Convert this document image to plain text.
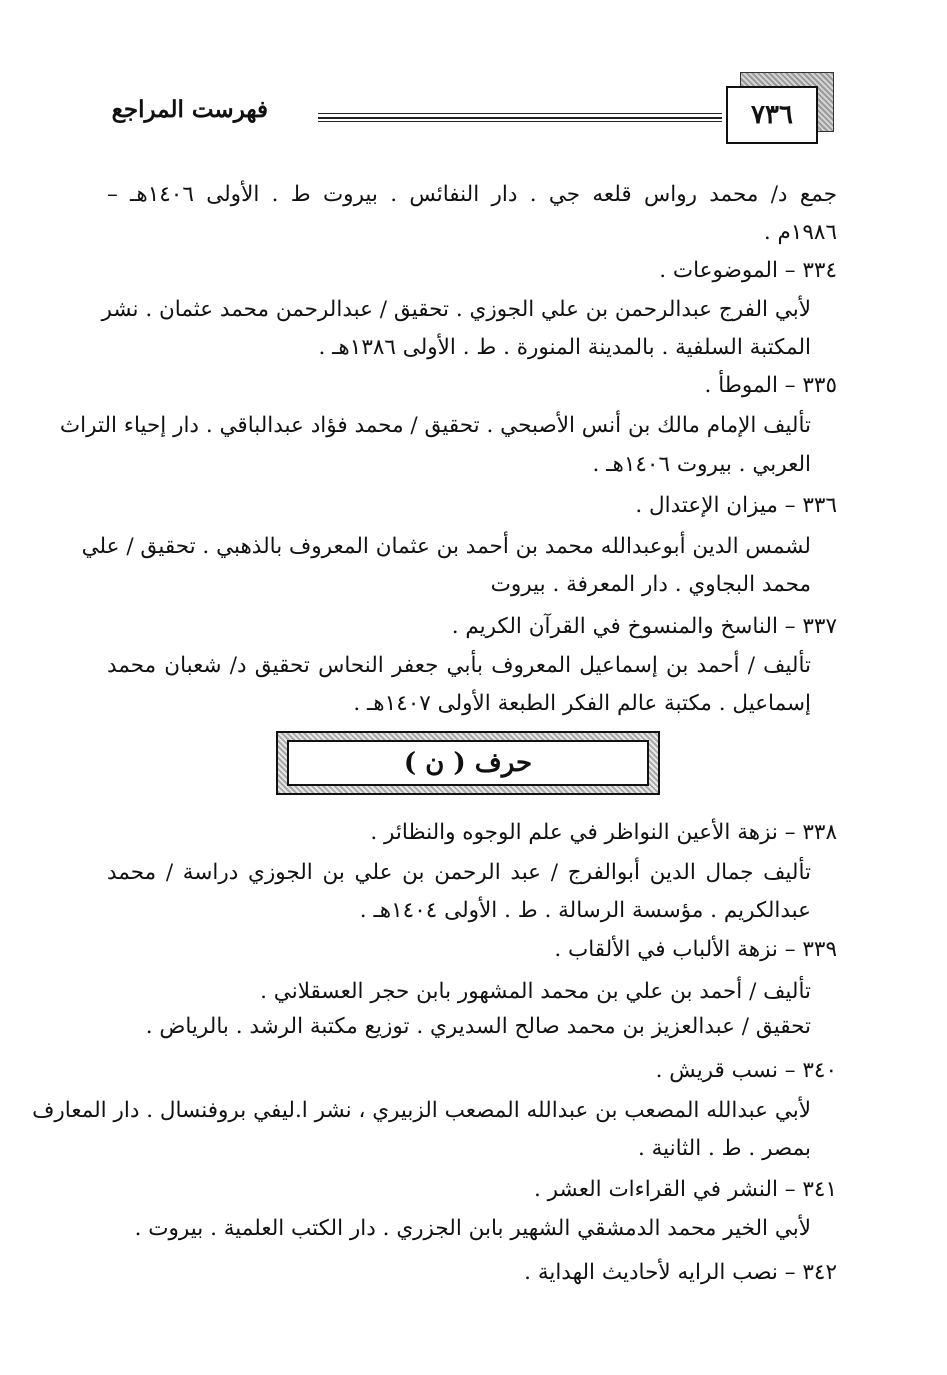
فهرست المراجع	٧٣٦
جمع د/ محمد رواس قلعه جي . دار النفائس . بيروت ط . الأولى ١٤٠٦هـ –
١٩٨٦م .
٣٣٤ – الموضوعات .
لأبي الفرج عبدالرحمن بن علي الجوزي . تحقيق / عبدالرحمن محمد عثمان . نشر
المكتبة السلفية . بالمدينة المنورة . ط . الأولى ١٣٨٦هـ .
٣٣٥ – الموطأ .
تأليف الإمام مالك بن أنس الأصبحي . تحقيق / محمد فؤاد عبدالباقي . دار إحياء التراث
العربي . بيروت ١٤٠٦هـ .
٣٣٦ – ميزان الإعتدال .
لشمس الدين أبوعبدالله محمد بن أحمد بن عثمان المعروف بالذهبي . تحقيق / علي
محمد البجاوي . دار المعرفة . بيروت
٣٣٧ – الناسخ والمنسوخ في القرآن الكريم .
تأليف / أحمد بن إسماعيل المعروف بأبي جعفر النحاس تحقيق د/ شعبان محمد
إسماعيل . مكتبة عالم الفكر الطبعة الأولى ١٤٠٧هـ .
حرف ( ن )
٣٣٨ – نزهة الأعين النواظر في علم الوجوه والنظائر .
تأليف جمال الدين أبوالفرج / عبد الرحمن بن علي بن الجوزي دراسة / محمد
عبدالكريم . مؤسسة الرسالة . ط . الأولى ١٤٠٤هـ .
٣٣٩ – نزهة الألباب في الألقاب .
تأليف / أحمد بن علي بن محمد المشهور بابن حجر العسقلاني .
تحقيق / عبدالعزيز بن محمد صالح السديري . توزيع مكتبة الرشد . بالرياض .
٣٤٠ – نسب قريش .
لأبي عبدالله المصعب بن عبدالله المصعب الزبيري ، نشر ا.ليفي بروفنسال . دار المعارف
بمصر . ط . الثانية .
٣٤١ – النشر في القراءات العشر .
لأبي الخير محمد الدمشقي الشهير بابن الجزري . دار الكتب العلمية . بيروت .
٣٤٢ – نصب الرايه لأحاديث الهداية .
